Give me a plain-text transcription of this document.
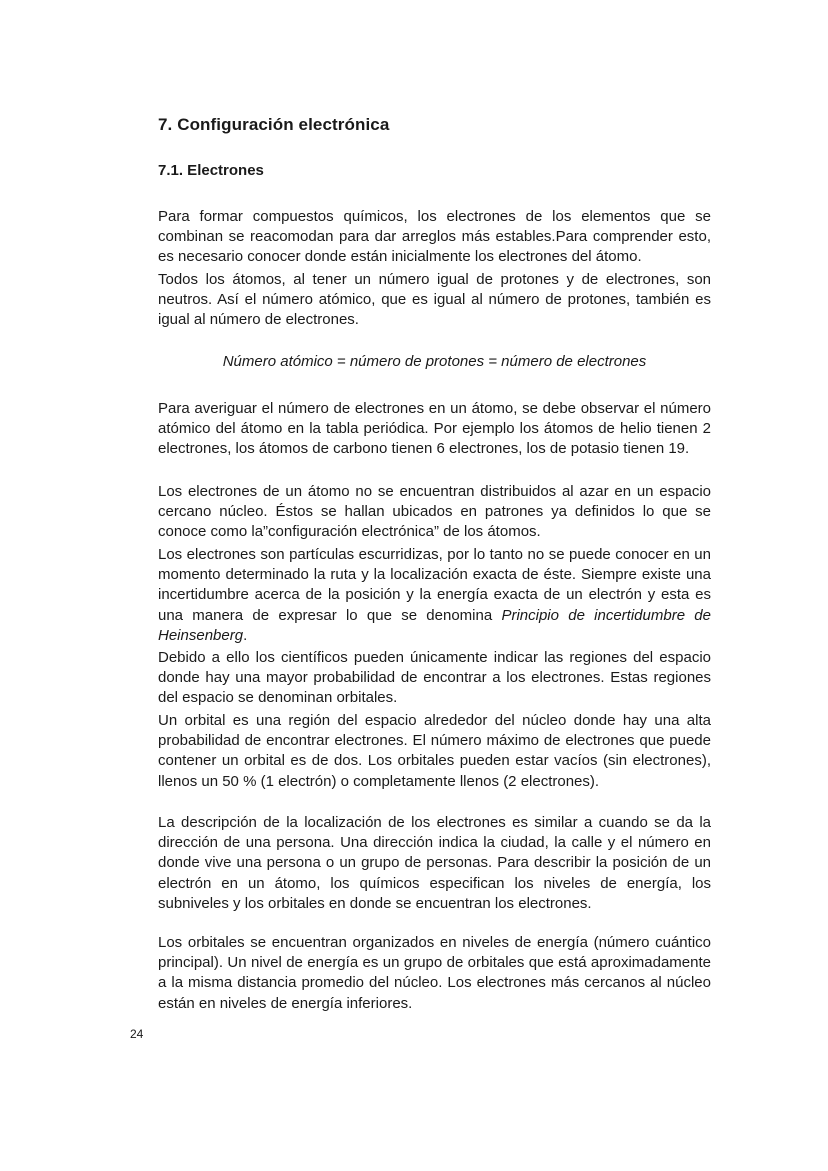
7. Configuración electrónica
7.1. Electrones

Para formar compuestos químicos, los electrones de los elementos que se combinan se reacomodan para dar arreglos más estables.Para comprender esto, es necesario conocer donde están inicialmente los electrones del átomo.

Todos los átomos, al tener un número igual de protones y de electrones, son neutros. Así el número atómico, que es igual al número de protones, también es igual al número de electrones.

Número atómico = número de protones = número de electrones

Para averiguar el número de electrones en un átomo, se debe observar el número atómico del átomo en la tabla periódica. Por ejemplo los átomos de helio tienen 2 electrones, los átomos de carbono tienen 6 electrones, los de potasio tienen 19.

Los electrones de un átomo no se encuentran distribuidos al azar en un espacio cercano núcleo. Éstos se hallan ubicados en patrones ya definidos lo que se conoce como la”configuración electrónica” de los átomos.

Los electrones son partículas escurridizas, por lo tanto no se puede conocer en un momento determinado la ruta y la localización exacta de éste. Siempre existe una incertidumbre acerca de la posición y la energía exacta de un electrón y esta es una manera de expresar lo que se denomina Principio de incertidumbre de Heinsenberg.

Debido a ello los científicos pueden únicamente indicar las regiones del espacio donde hay una mayor probabilidad de encontrar a los electrones. Estas regiones del espacio se denominan orbitales.

Un orbital es una región del espacio alrededor del núcleo donde hay una alta probabilidad de encontrar electrones. El número máximo de electrones que puede contener un orbital es de dos. Los orbitales pueden estar vacíos (sin electrones), llenos un 50 % (1 electrón) o completamente llenos (2 electrones).

La descripción de la localización de los electrones es similar a cuando se da la dirección de una persona. Una dirección indica la ciudad, la calle y el número en donde vive una persona o un grupo de personas. Para describir la posición de un electrón en un átomo, los químicos especifican los niveles de energía, los subniveles y los orbitales en donde se encuentran los electrones.

Los orbitales se encuentran organizados en niveles de energía (número cuántico principal). Un nivel de energía es un grupo de orbitales que está aproximadamente a la misma distancia promedio del núcleo. Los electrones más cercanos al núcleo están en niveles de energía inferiores.

24
